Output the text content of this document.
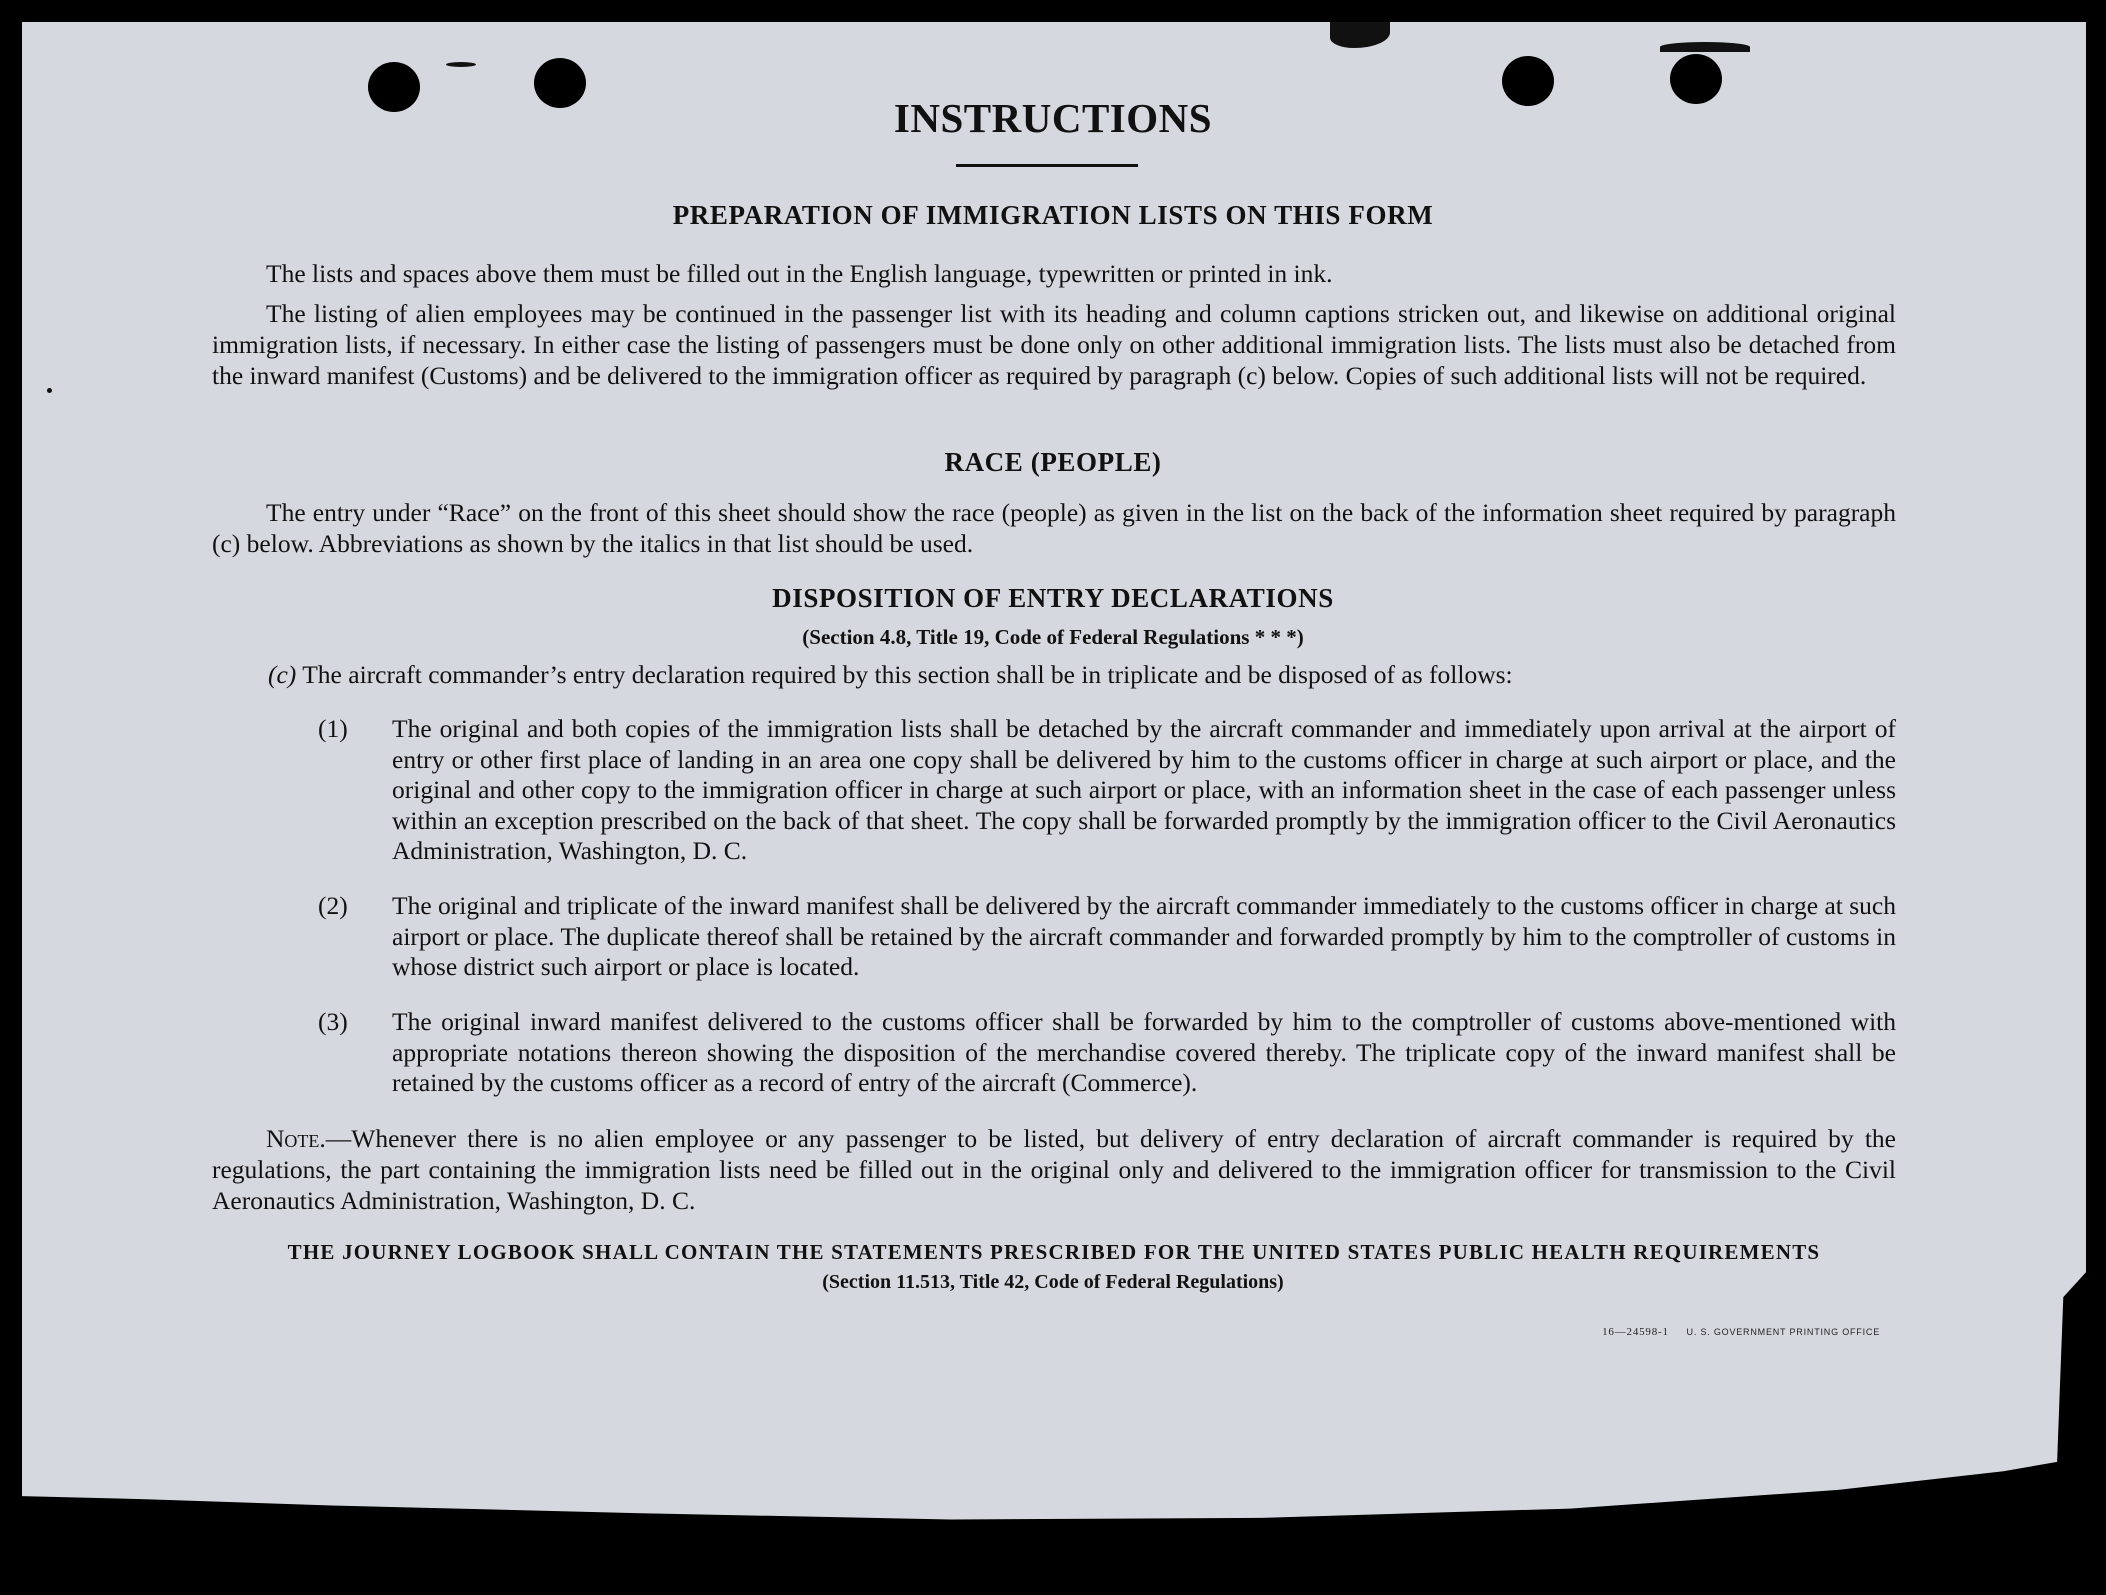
INSTRUCTIONS
PREPARATION OF IMMIGRATION LISTS ON THIS FORM
The lists and spaces above them must be filled out in the English language, typewritten or printed in ink.
The listing of alien employees may be continued in the passenger list with its heading and column captions stricken out, and likewise on additional original immigration lists, if necessary. In either case the listing of passengers must be done only on other additional immigration lists. The lists must also be detached from the inward manifest (Customs) and be delivered to the immigration officer as required by paragraph (c) below. Copies of such additional lists will not be required.
RACE (PEOPLE)
The entry under “Race” on the front of this sheet should show the race (people) as given in the list on the back of the information sheet required by paragraph (c) below. Abbreviations as shown by the italics in that list should be used.
DISPOSITION OF ENTRY DECLARATIONS
(Section 4.8, Title 19, Code of Federal Regulations * * *)
(c) The aircraft commander’s entry declaration required by this section shall be in triplicate and be disposed of as follows:
(1) The original and both copies of the immigration lists shall be detached by the aircraft commander and immediately upon arrival at the airport of entry or other first place of landing in an area one copy shall be delivered by him to the customs officer in charge at such airport or place, and the original and other copy to the immigration officer in charge at such airport or place, with an information sheet in the case of each passenger unless within an exception prescribed on the back of that sheet. The copy shall be forwarded promptly by the immigration officer to the Civil Aeronautics Administration, Washington, D. C.
(2) The original and triplicate of the inward manifest shall be delivered by the aircraft commander immediately to the customs officer in charge at such airport or place. The duplicate thereof shall be retained by the aircraft commander and forwarded promptly by him to the comptroller of customs in whose district such airport or place is located.
(3) The original inward manifest delivered to the customs officer shall be forwarded by him to the comptroller of customs above-mentioned with appropriate notations thereon showing the disposition of the merchandise covered thereby. The triplicate copy of the inward manifest shall be retained by the customs officer as a record of entry of the aircraft (Commerce).
Note.—Whenever there is no alien employee or any passenger to be listed, but delivery of entry declaration of aircraft commander is required by the regulations, the part containing the immigration lists need be filled out in the original only and delivered to the immigration officer for transmission to the Civil Aeronautics Administration, Washington, D. C.
THE JOURNEY LOGBOOK SHALL CONTAIN THE STATEMENTS PRESCRIBED FOR THE UNITED STATES PUBLIC HEALTH REQUIREMENTS
(Section 11.513, Title 42, Code of Federal Regulations)
16—24598-1 U. S. GOVERNMENT PRINTING OFFICE
